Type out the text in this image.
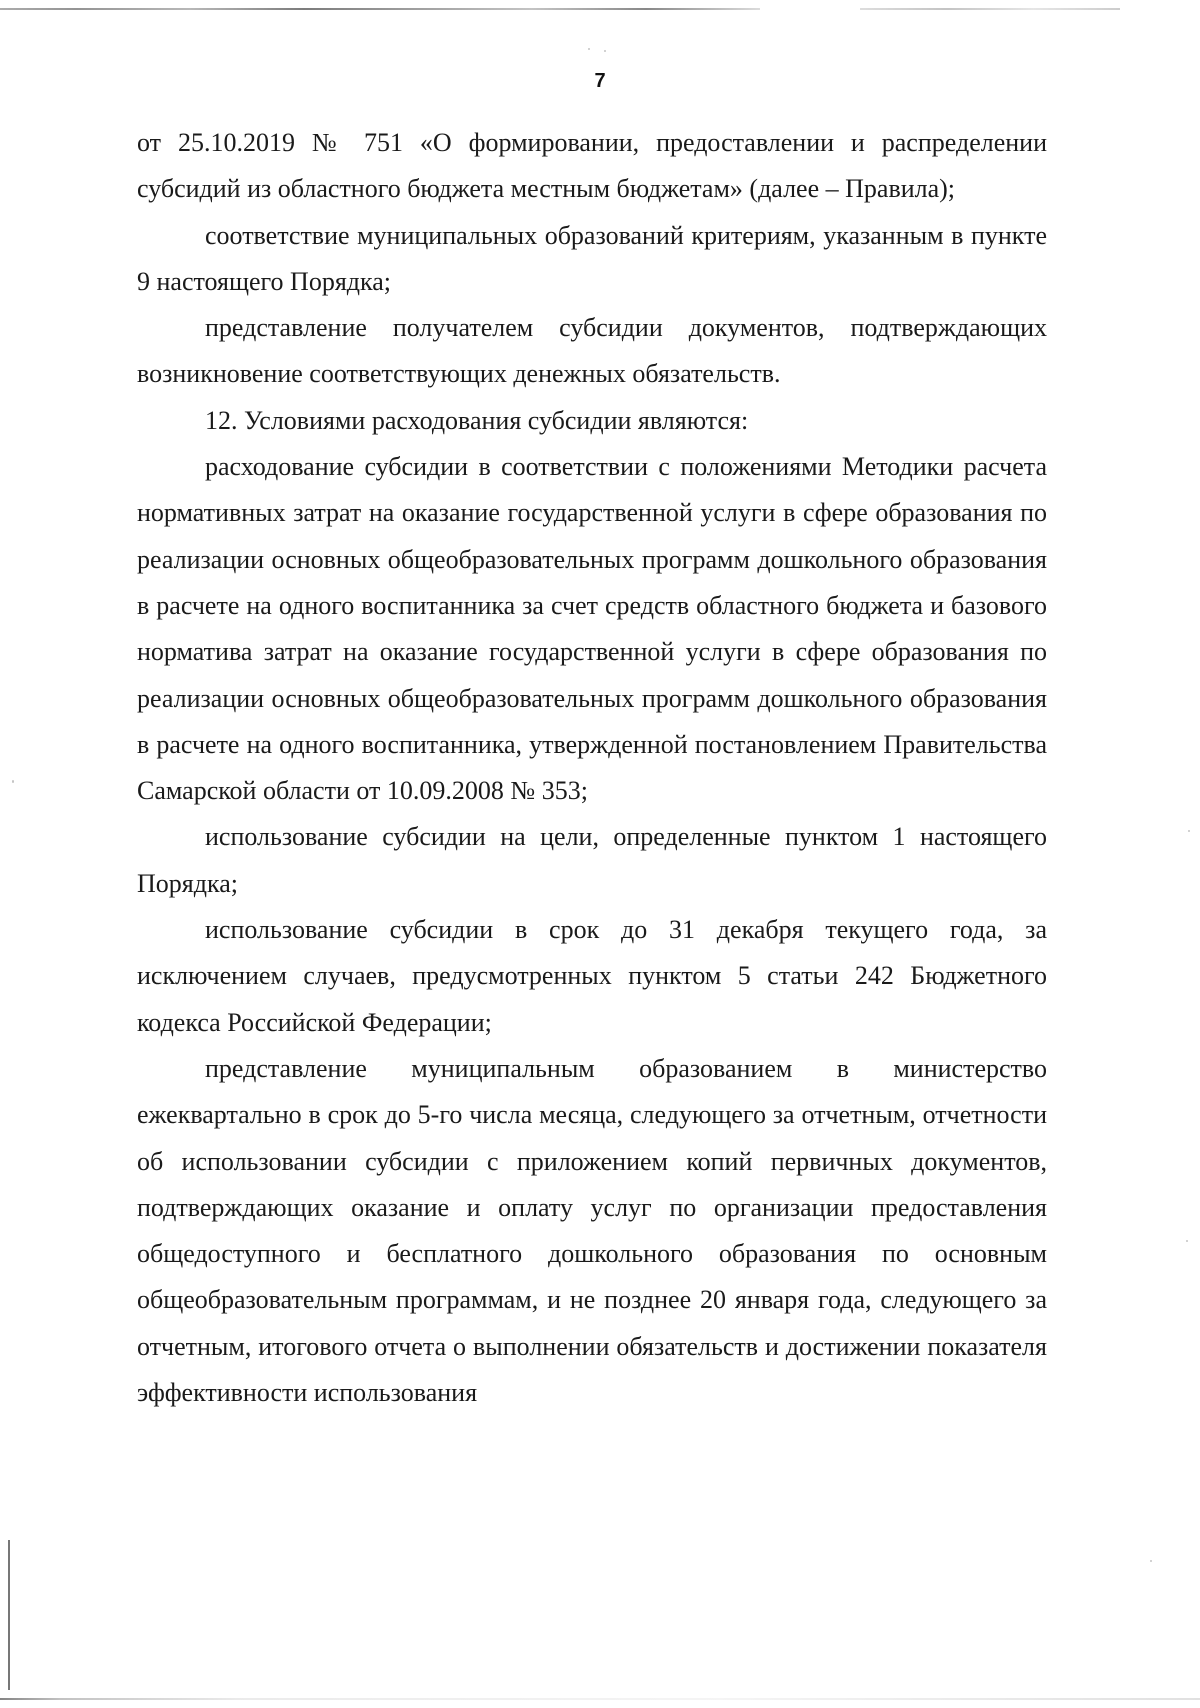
7

от 25.10.2019 № 751 «О формировании, предоставлении и распределении субсидий из областного бюджета местным бюджетам» (далее – Правила);

соответствие муниципальных образований критериям, указанным в пункте 9 настоящего Порядка;

представление получателем субсидии документов, подтверждающих возникновение соответствующих денежных обязательств.

12. Условиями расходования субсидии являются:

расходование субсидии в соответствии с положениями Методики расчета нормативных затрат на оказание государственной услуги в сфере образования по реализации основных общеобразовательных программ дошкольного образования в расчете на одного воспитанника за счет средств областного бюджета и базового норматива затрат на оказание государственной услуги в сфере образования по реализации основных общеобразовательных программ дошкольного образования в расчете на одного воспитанника, утвержденной постановлением Правительства Самарской области от 10.09.2008 № 353;

использование субсидии на цели, определенные пунктом 1 настоящего Порядка;

использование субсидии в срок до 31 декабря текущего года, за исключением случаев, предусмотренных пунктом 5 статьи 242 Бюджетного кодекса Российской Федерации;

представление муниципальным образованием в министерство ежеквартально в срок до 5-го числа месяца, следующего за отчетным, отчетности об использовании субсидии с приложением копий первичных документов, подтверждающих оказание и оплату услуг по организации предоставления общедоступного и бесплатного дошкольного образования по основным общеобразовательным программам, и не позднее 20 января года, следующего за отчетным, итогового отчета о выполнении обязательств и достижении показателя эффективности использования
